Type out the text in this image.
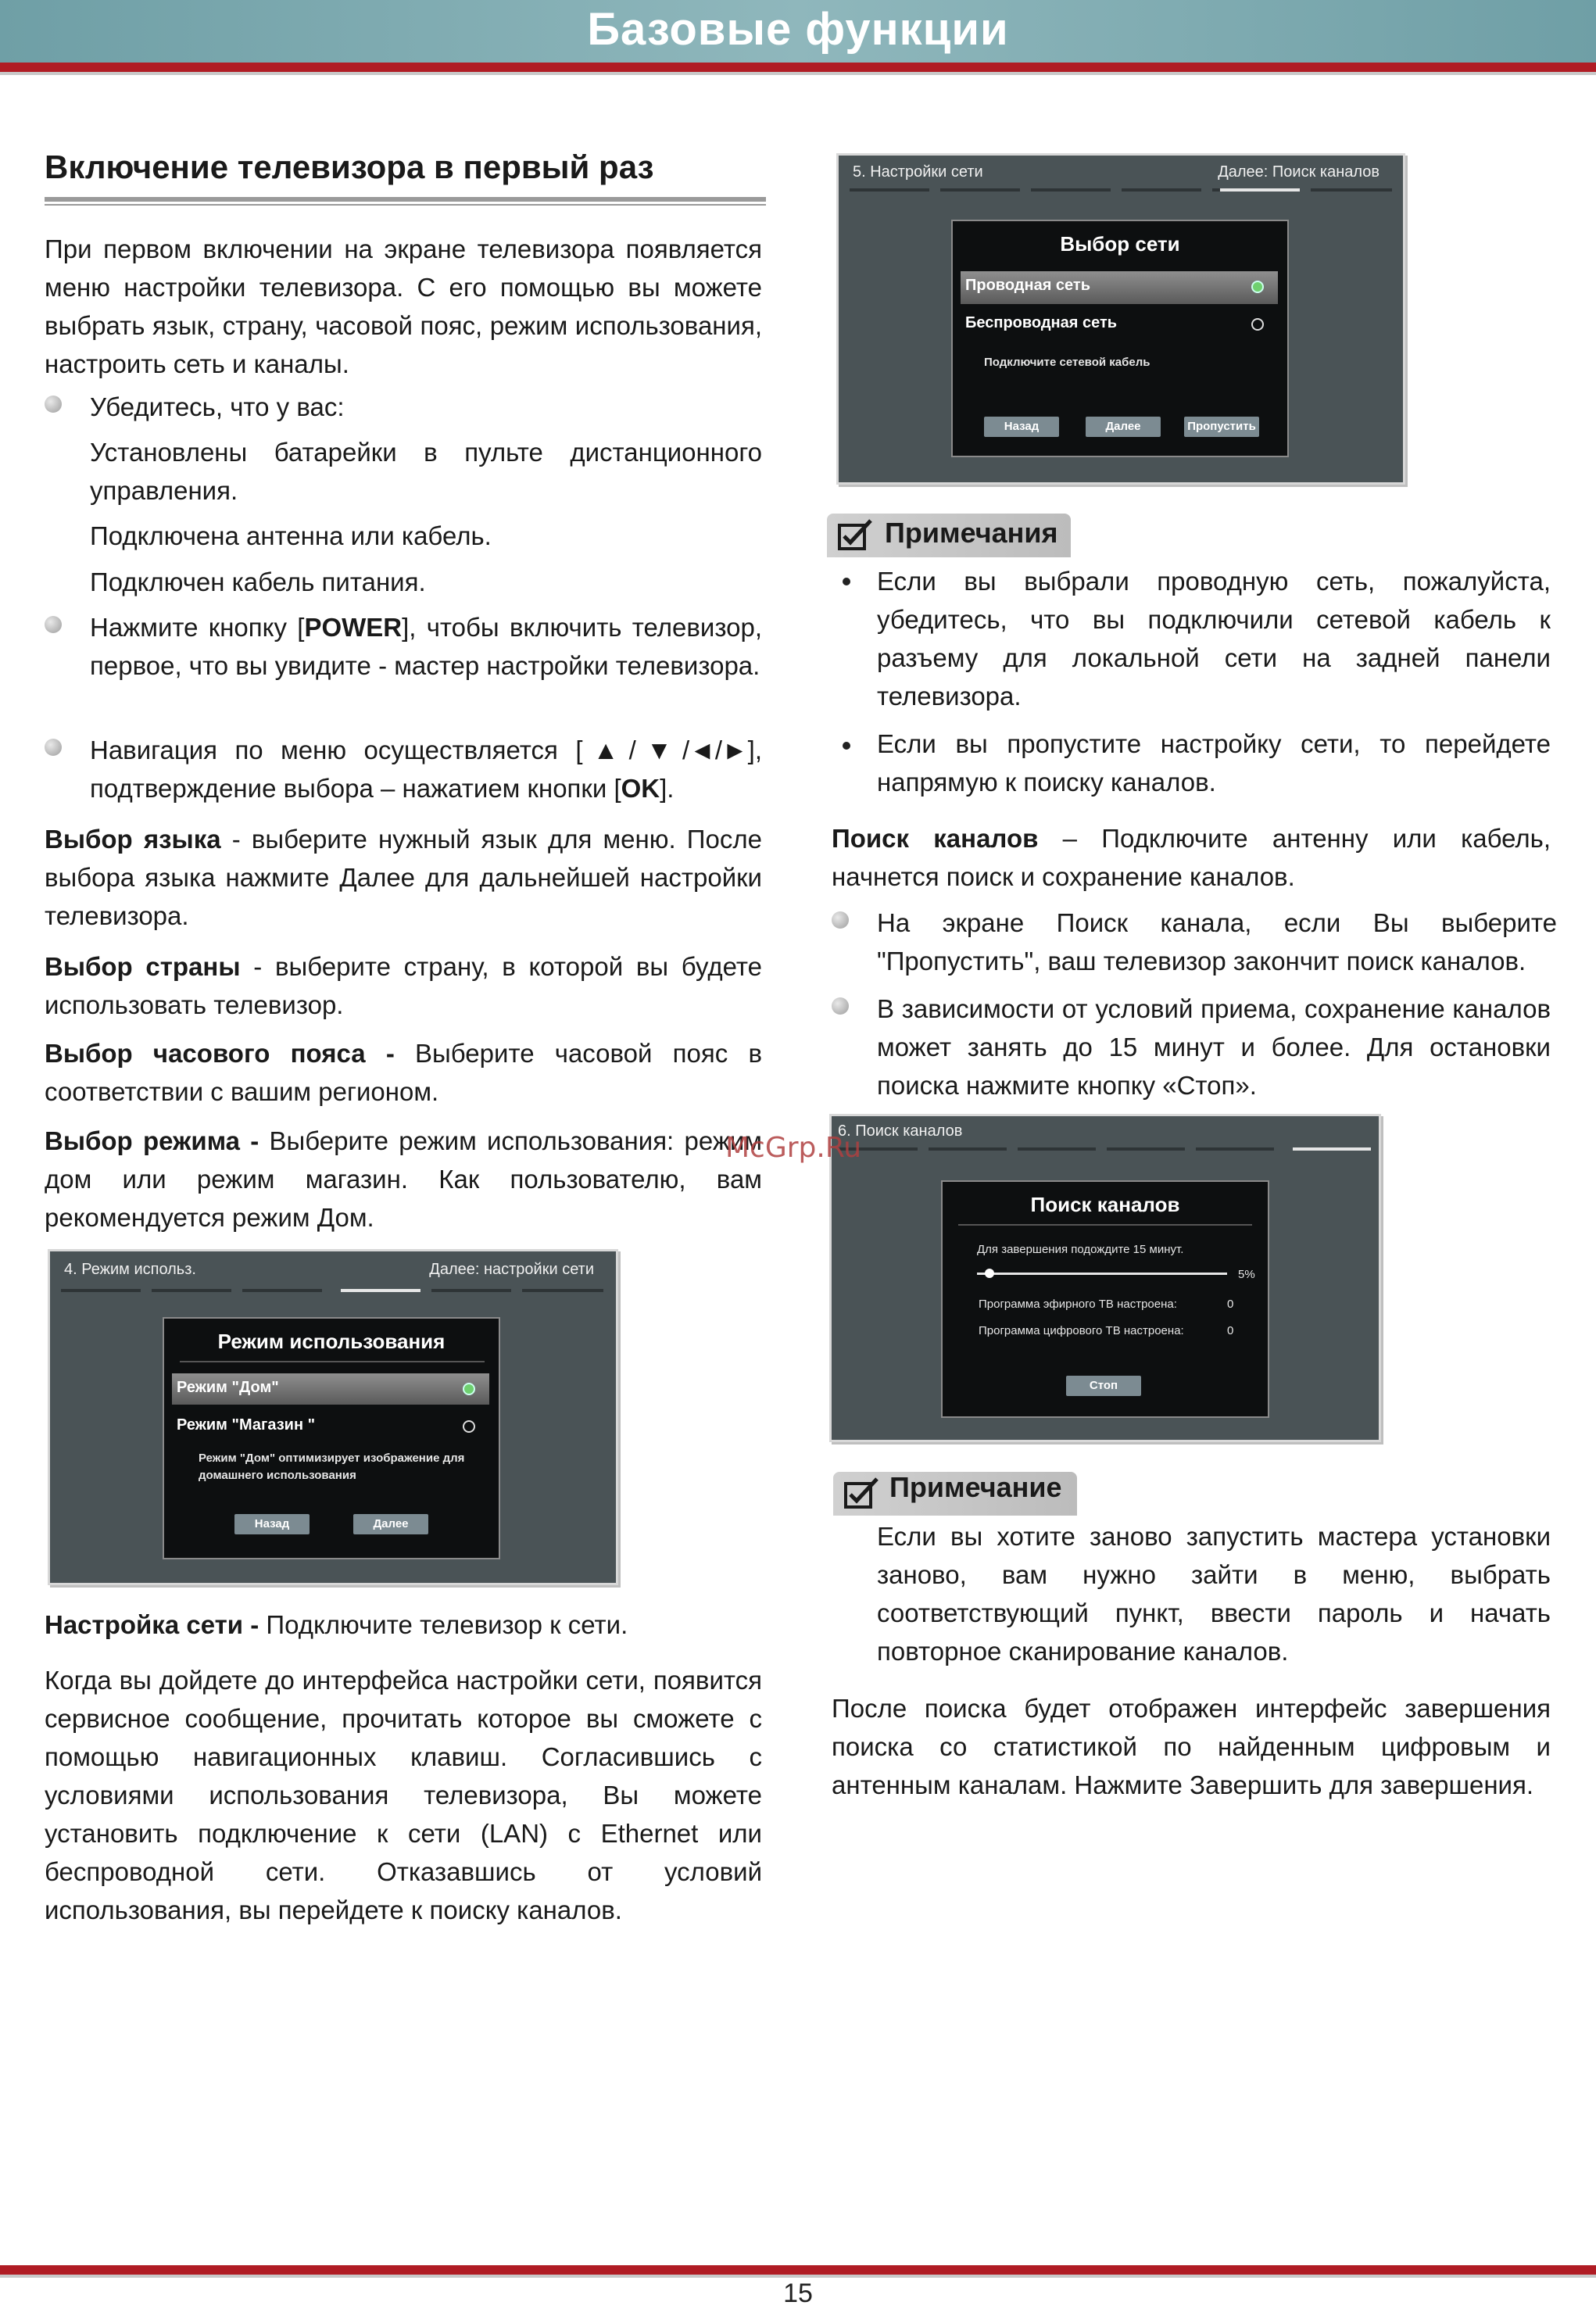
Базовые функции
Включение телевизора в первый раз

При первом включении на экране телевизора появляется меню настройки телевизора. С его помощью вы можете выбрать язык, страну, часовой пояс, режим использования, настроить сеть и каналы.

Убедитесь, что у вас:

Установлены батарейки в пульте дистанционного управления.

Подключена антенна или кабель.
Подключен кабель питания.

Нажмите кнопку [POWER], чтобы включить телевизор, первое, что вы увидите - мастер настройки телевизора.

Навигация по меню осуществляется [▲/▼/◄/►], подтверждение выбора – нажатием кнопки [OK].

Выбор языка - выберите нужный язык для меню. После выбора языка нажмите Далее для дальнейшей настройки телевизора.

Выбор страны - выберите страну, в которой вы будете использовать телевизор.

Выбор часового пояса - Выберите часовой пояс в соответствии с вашим регионом.

Выбор режима - Выберите режим использования: режим дом или режим магазин. Как пользователю, вам рекомендуется режим Дом.

4. Режим использ.	Далее: настройки сети
Режим использования
Режим "Дом"
Режим "Магазин "
Режим "Дом" оптимизирует изображение для
домашнего использования
Назад	Далее

Настройка сети - Подключите телевизор к сети.

Когда вы дойдете до интерфейса настройки сети, появится сервисное сообщение, прочитать которое вы сможете с помощью навигационных клавиш. Согласившись с условиями использования телевизора, Вы можете установить подключение к сети (LAN) с Ethernet или беспроводной сети. Отказавшись от условий использования, вы перейдете к поиску каналов.

5. Настройки сети	Далее: Поиск каналов
Выбор сети
Проводная сеть
Беспроводная сеть
Подключите сетевой кабель
Назад	Далее	Пропустить
Примечания

Если вы выбрали проводную сеть, пожалуйста, убедитесь, что вы подключили сетевой кабель к разъему для локальной сети на задней панели телевизора.

Если вы пропустите настройку сети, то перейдете напрямую к поиску каналов.

Поиск каналов – Подключите антенну или кабель, начнется поиск и сохранение каналов.

На экране Поиск канала, если Вы выберите "Пропустить", ваш телевизор закончит поиск каналов.

В зависимости от условий приема, сохранение каналов может занять до 15 минут и более. Для остановки поиска нажмите кнопку «Стоп».

6. Поиск каналов
Поиск каналов
Для завершения подождите 15 минут.
5%
Программа эфирного ТВ настроена:	0
Программа цифрового ТВ настроена:	0
Стоп
Примечание

Если вы хотите заново запустить мастера установки заново, вам нужно зайти в меню, выбрать соответствующий пункт, ввести пароль и начать повторное сканирование каналов.

После поиска будет отображен интерфейс завершения поиска со статистикой по найденным цифровым и антенным каналам. Нажмите Завершить для завершения.

McGrp.Ru
15
